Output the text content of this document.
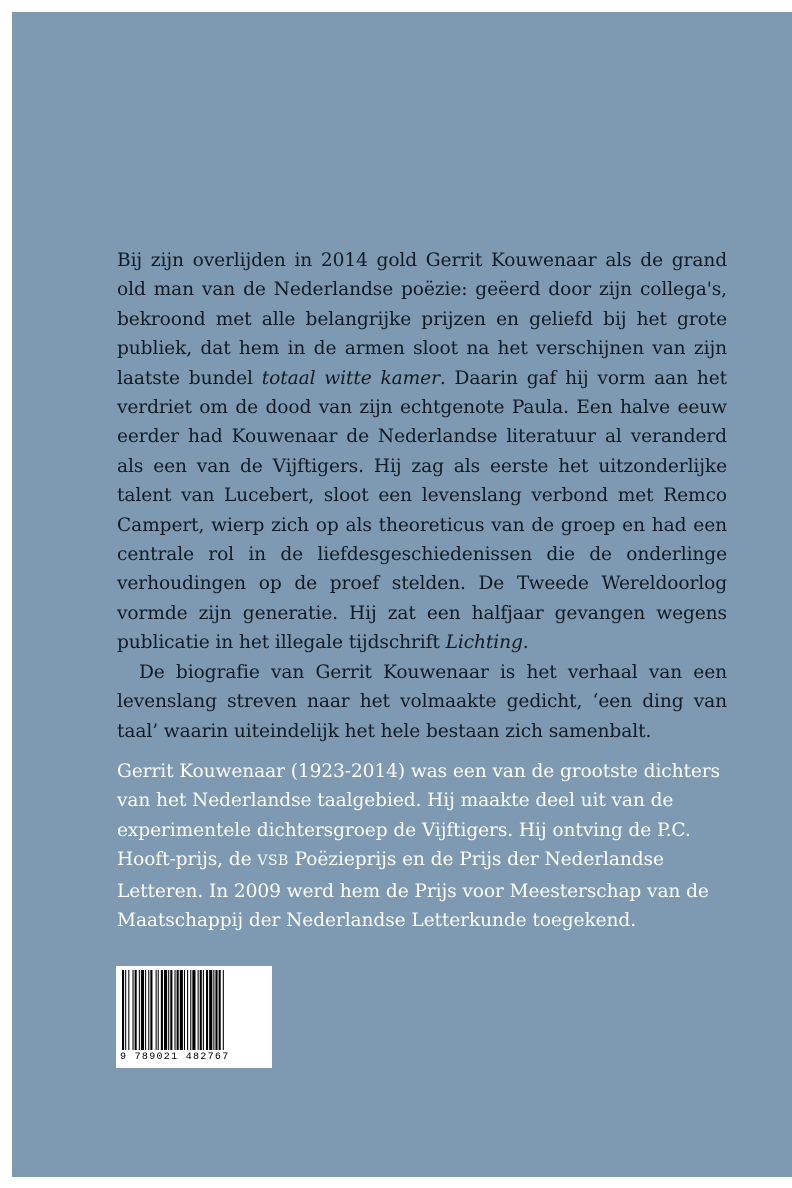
Bij zijn overlijden in 2014 gold Gerrit Kouwenaar als de grand old man van de Nederlandse poëzie: geëerd door zijn collega's, bekroond met alle belangrijke prijzen en geliefd bij het grote publiek, dat hem in de armen sloot na het verschijnen van zijn laatste bundel totaal witte kamer. Daarin gaf hij vorm aan het verdriet om de dood van zijn echtgenote Paula. Een halve eeuw eerder had Kouwenaar de Nederlandse literatuur al veranderd als een van de Vijftigers. Hij zag als eerste het uitzonderlijke talent van Lucebert, sloot een levenslang verbond met Remco Campert, wierp zich op als theoreticus van de groep en had een centrale rol in de liefdesgeschiedenissen die de onderlinge verhoudingen op de proef stelden. De Tweede Wereldoorlog vormde zijn generatie. Hij zat een halfjaar gevangen wegens publicatie in het illegale tijdschrift Lichting.

De biografie van Gerrit Kouwenaar is het verhaal van een levenslang streven naar het volmaakte gedicht, ‘een ding van taal’ waarin uiteindelijk het hele bestaan zich samenbalt.

Gerrit Kouwenaar (1923-2014) was een van de grootste dichters van het Nederlandse taalgebied. Hij maakte deel uit van de experimentele dichtersgroep de Vijftigers. Hij ontving de P.C. Hooft-prijs, de VSB Poëzieprijs en de Prijs der Nederlandse Letteren. In 2009 werd hem de Prijs voor Meesterschap van de Maatschappij der Nederlandse Letterkunde toegekend.

9 789021 482767
